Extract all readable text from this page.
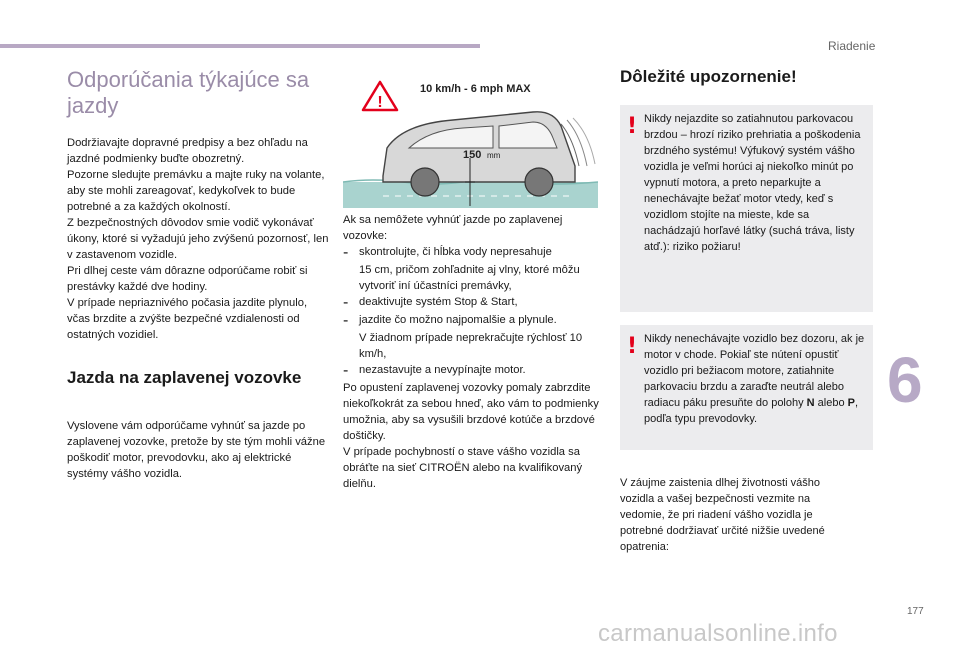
Riadenie
6
177
Odporúčania týkajúce sa jazdy

Dodržiavajte dopravné predpisy a bez ohľadu na jazdné podmienky buďte obozretný.

Pozorne sledujte premávku a majte ruky na volante, aby ste mohli zareagovať, kedykoľvek to bude potrebné a za každých okolností.

Z bezpečnostných dôvodov smie vodič vykonávať úkony, ktoré si vyžadujú jeho zvýšenú pozornosť, len v zastavenom vozidle.

Pri dlhej ceste vám dôrazne odporúčame robiť si prestávky každé dve hodiny.

V prípade nepriaznivého počasia jazdite plynulo, včas brzdite a zvýšte bezpečné vzdialenosti od ostatných vozidiel.

Jazda na zaplavenej vozovke

Vyslovene vám odporúčame vyhnúť sa jazde po zaplavenej vozovke, pretože by ste tým mohli vážne poškodiť motor, prevodovku, ako aj elektrické systémy vášho vozidla.

150 mm
!
10 km/h - 6 mph MAX

Ak sa nemôžete vyhnúť jazde po zaplavenej vozovke:

- skontrolujte, či hĺbka vody nepresahuje

15 cm, pričom zohľadnite aj vlny, ktoré môžu vytvoriť iní účastníci premávky,

- deaktivujte systém Stop & Start,
- jazdite čo možno najpomalšie a plynule.

V žiadnom prípade neprekračujte rýchlosť 10 km/h,

- nezastavujte a nevypínajte motor.

Po opustení zaplavenej vozovky pomaly zabrzdite niekoľkokrát za sebou hneď, ako vám to podmienky umožnia, aby sa vysušili brzdové kotúče a brzdové doštičky.

V prípade pochybností o stave vášho vozidla sa obráťte na sieť CITROËN alebo na kvalifikovaný dielňu.

Dôležité upozornenie!
! Nikdy nejazdite so zatiahnutou parkovacou brzdou – hrozí riziko prehriatia a poškodenia brzdného systému! Výfukový systém vášho vozidla je veľmi horúci aj niekoľko minút po vypnutí motora, a preto neparkujte a nenechávajte bežať motor vtedy, keď s vozidlom stojíte na mieste, kde sa nachádzajú horľavé látky (suchá tráva, listy atď.): riziko požiaru!

! Nikdy nenechávajte vozidlo bez dozoru, ak je motor v chode. Pokiaľ ste nútení opustiť vozidlo pri bežiacom motore, zatiahnite parkovaciu brzdu a zaraďte neutrál alebo radiacu páku presuňte do polohy N alebo P, podľa typu prevodovky.

V záujme zaistenia dlhej životnosti vášho vozidla a vašej bezpečnosti vezmite na vedomie, že pri riadení vášho vozidla je potrebné dodržiavať určité nižšie uvedené opatrenia:

carmanualsonline.info
